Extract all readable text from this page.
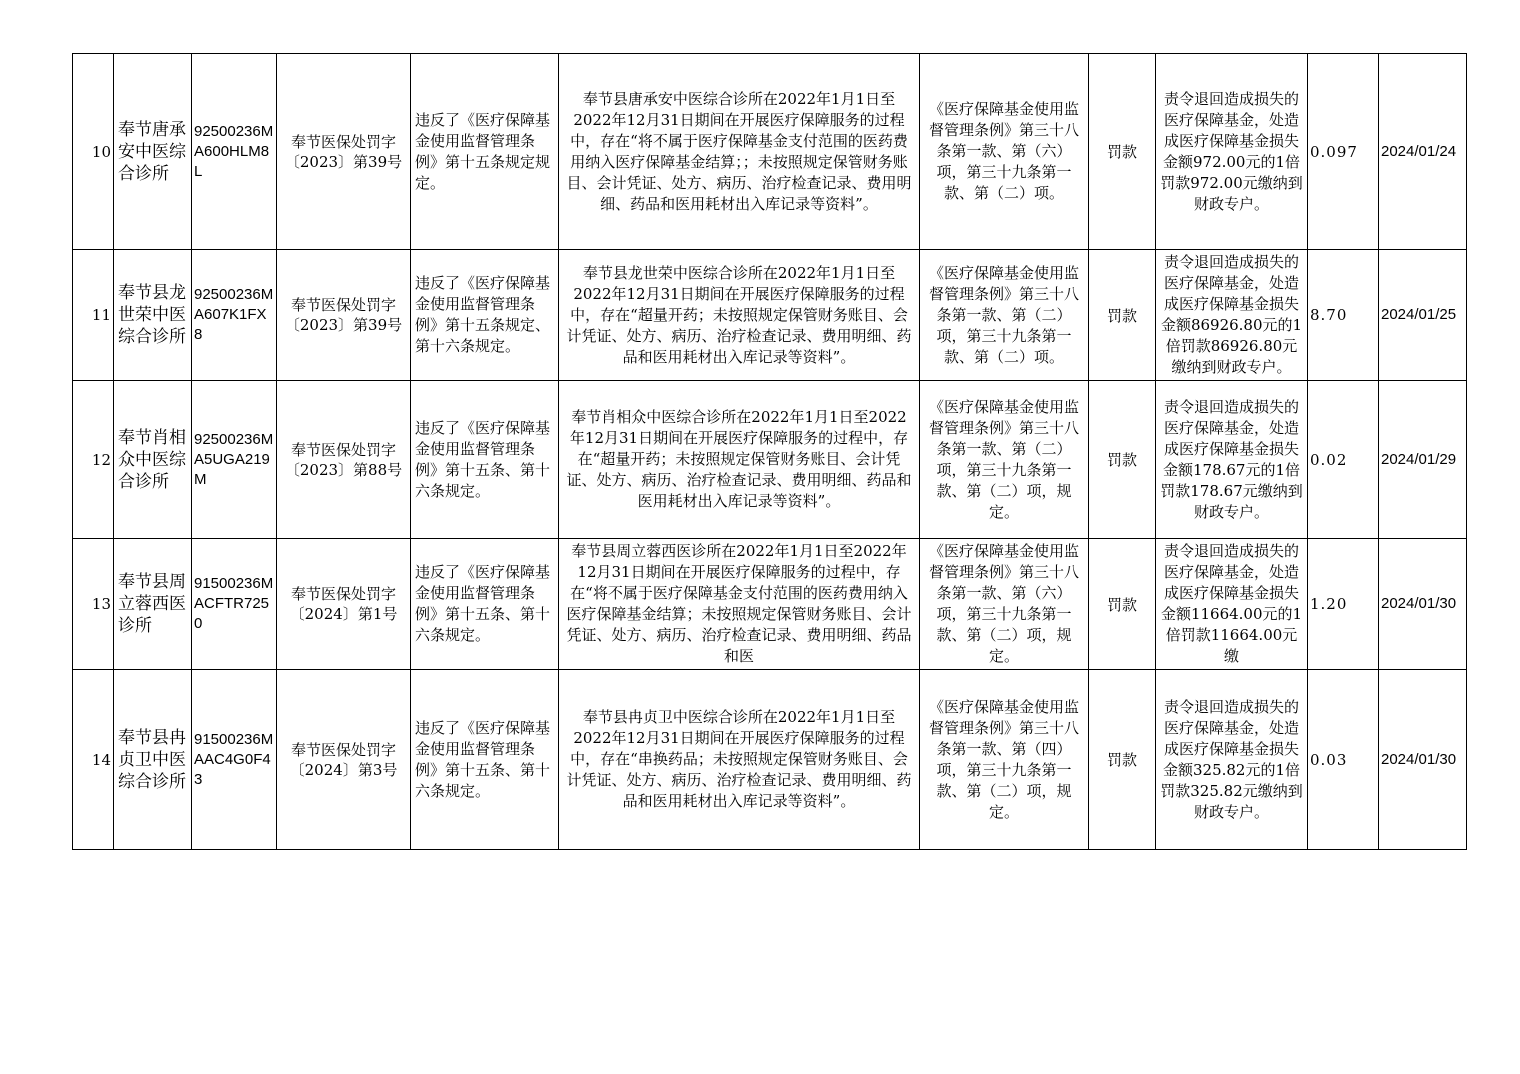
10	奉节唐承安中医综合诊所	92500236MA600HLM8L	奉节医保处罚字〔2023〕第39号	违反了《医疗保障基金使用监督管理条例》第十五条规定规定。	奉节县唐承安中医综合诊所在2022年1月1日至2022年12月31日期间在开展医疗保障服务的过程中，存在“将不属于医疗保障基金支付范围的医药费用纳入医疗保障基金结算；；未按照规定保管财务账目、会计凭证、处方、病历、治疗检查记录、费用明细、药品和医用耗材出入库记录等资料”。	《医疗保障基金使用监督管理条例》第三十八条第一款、第（六）项，第三十九条第一款、第（二）项。	罚款	责令退回造成损失的医疗保障基金，处造成医疗保障基金损失金额972.00元的1倍罚款972.00元缴纳到财政专户。	0.097	2024/01/24

11	奉节县龙世荣中医综合诊所	92500236MA607K1FX8	奉节医保处罚字〔2023〕第39号	违反了《医疗保障基金使用监督管理条例》第十五条规定、第十六条规定。	奉节县龙世荣中医综合诊所在2022年1月1日至2022年12月31日期间在开展医疗保障服务的过程中，存在“超量开药；未按照规定保管财务账目、会计凭证、处方、病历、治疗检查记录、费用明细、药品和医用耗材出入库记录等资料”。	《医疗保障基金使用监督管理条例》第三十八条第一款、第（二）项，第三十九条第一款、第（二）项。	罚款	责令退回造成损失的医疗保障基金，处造成医疗保障基金损失金额86926.80元的1倍罚款86926.80元缴纳到财政专户。	8.70	2024/01/25

12	奉节肖相众中医综合诊所	92500236MA5UGA219M	奉节医保处罚字〔2023〕第88号	违反了《医疗保障基金使用监督管理条例》第十五条、第十六条规定。	奉节肖相众中医综合诊所在2022年1月1日至2022年12月31日期间在开展医疗保障服务的过程中，存在“超量开药；未按照规定保管财务账目、会计凭证、处方、病历、治疗检查记录、费用明细、药品和医用耗材出入库记录等资料”。	《医疗保障基金使用监督管理条例》第三十八条第一款、第（二）项，第三十九条第一款、第（二）项，规定。	罚款	责令退回造成损失的医疗保障基金，处造成医疗保障基金损失金额178.67元的1倍罚款178.67元缴纳到财政专户。	0.02	2024/01/29

13	奉节县周立蓉西医诊所	91500236MACFTR7250	奉节医保处罚字〔2024〕第1号	违反了《医疗保障基金使用监督管理条例》第十五条、第十六条规定。	奉节县周立蓉西医诊所在2022年1月1日至2022年12月31日期间在开展医疗保障服务的过程中，存在“将不属于医疗保障基金支付范围的医药费用纳入医疗保障基金结算；未按照规定保管财务账目、会计凭证、处方、病历、治疗检查记录、费用明细、药品和医	《医疗保障基金使用监督管理条例》第三十八条第一款、第（六）项，第三十九条第一款、第（二）项，规定。	罚款	责令退回造成损失的医疗保障基金，处造成医疗保障基金损失金额11664.00元的1倍罚款11664.00元缴	1.20	2024/01/30

14	奉节县冉贞卫中医综合诊所	91500236MAAC4G0F43	奉节医保处罚字〔2024〕第3号	违反了《医疗保障基金使用监督管理条例》第十五条、第十六条规定。	奉节县冉贞卫中医综合诊所在2022年1月1日至2022年12月31日期间在开展医疗保障服务的过程中，存在“串换药品；未按照规定保管财务账目、会计凭证、处方、病历、治疗检查记录、费用明细、药品和医用耗材出入库记录等资料”。	《医疗保障基金使用监督管理条例》第三十八条第一款、第（四）项，第三十九条第一款、第（二）项，规定。	罚款	责令退回造成损失的医疗保障基金，处造成医疗保障基金损失金额325.82元的1倍罚款325.82元缴纳到财政专户。	0.03	2024/01/30
